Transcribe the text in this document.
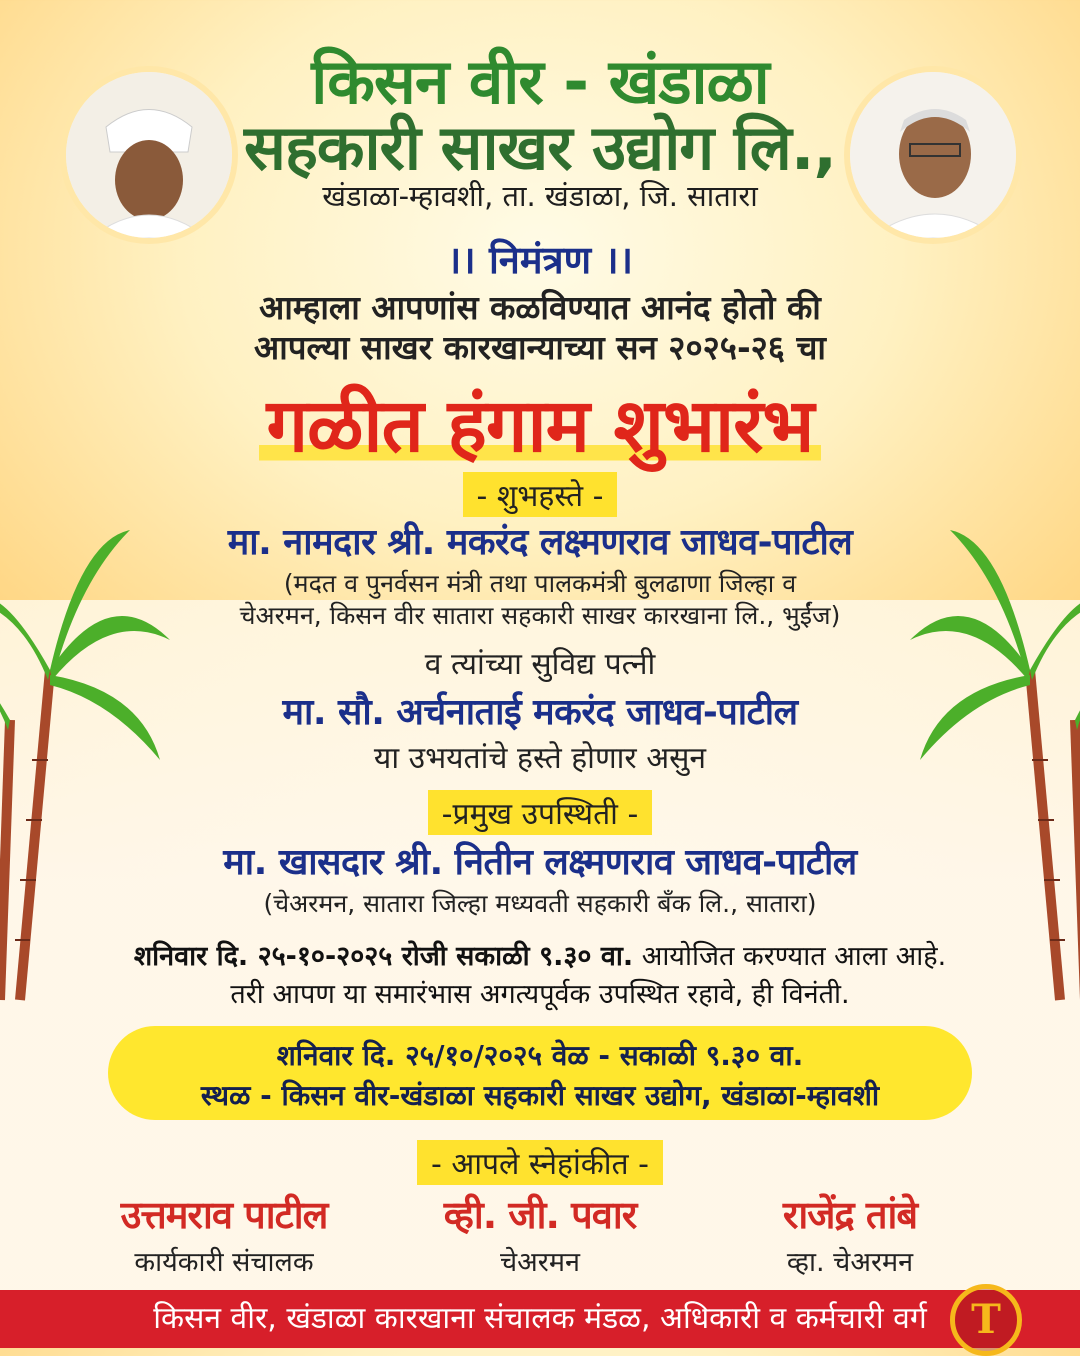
किसन वीर - खंडाळा
सहकारी साखर उद्योग लि.,
खंडाळा-म्हावशी, ता. खंडाळा, जि. सातारा
।। निमंत्रण ।।
आम्हाला आपणांस कळविण्यात आनंद होतो की
आपल्या साखर कारखान्याच्या सन २०२५-२६ चा
गळीत हंगाम शुभारंभ
- शुभहस्ते -
मा. नामदार श्री. मकरंद लक्ष्मणराव जाधव-पाटील
(मदत व पुनर्वसन मंत्री तथा पालकमंत्री बुलढाणा जिल्हा व
चेअरमन, किसन वीर सातारा सहकारी साखर कारखाना लि., भुईंज)
व त्यांच्या सुविद्य पत्नी
मा. सौ. अर्चनाताई मकरंद जाधव-पाटील
या उभयतांचे हस्ते होणार असुन
-प्रमुख उपस्थिती -
मा. खासदार श्री. नितीन लक्ष्मणराव जाधव-पाटील
(चेअरमन, सातारा जिल्हा मध्यवती सहकारी बँक लि., सातारा)
शनिवार दि. २५-१०-२०२५ रोजी सकाळी ९.३० वा. आयोजित करण्यात आला आहे.
तरी आपण या समारंभास अगत्यपूर्वक उपस्थित रहावे, ही विनंती.
शनिवार दि. २५/१०/२०२५ वेळ - सकाळी ९.३० वा.
स्थळ - किसन वीर-खंडाळा सहकारी साखर उद्योग, खंडाळा-म्हावशी
- आपले स्नेहांकीत -
उत्तमराव पाटील
कार्यकारी संचालक
व्ही. जी. पवार
चेअरमन
राजेंद्र तांबे
व्हा. चेअरमन
किसन वीर, खंडाळा कारखाना संचालक मंडळ, अधिकारी व कर्मचारी वर्ग	T
